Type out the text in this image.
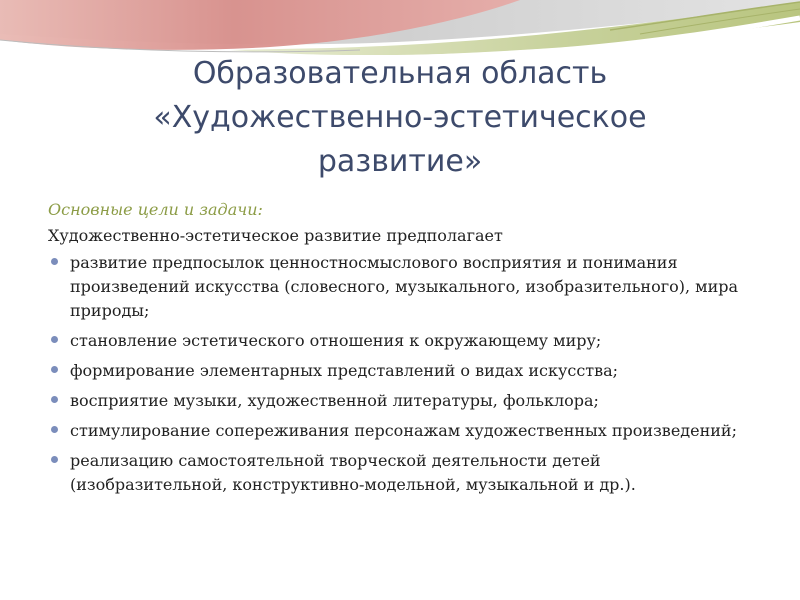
Образовательная область
«Художественно-эстетическое
развитие»
Основные цели и задачи:
Художественно-эстетическое развитие предполагает
развитие предпосылок ценностносмыслового восприятия и понимания произведений искусства (словесного, музыкального, изобразительного), мира природы;
становление эстетического отношения к окружающему миру;
формирование элементарных представлений о видах искусства;
восприятие музыки, художественной литературы, фольклора;
стимулирование сопереживания персонажам художественных произведений;
реализацию самостоятельной творческой деятельности детей (изобразительной, конструктивно-модельной, музыкальной и др.).
